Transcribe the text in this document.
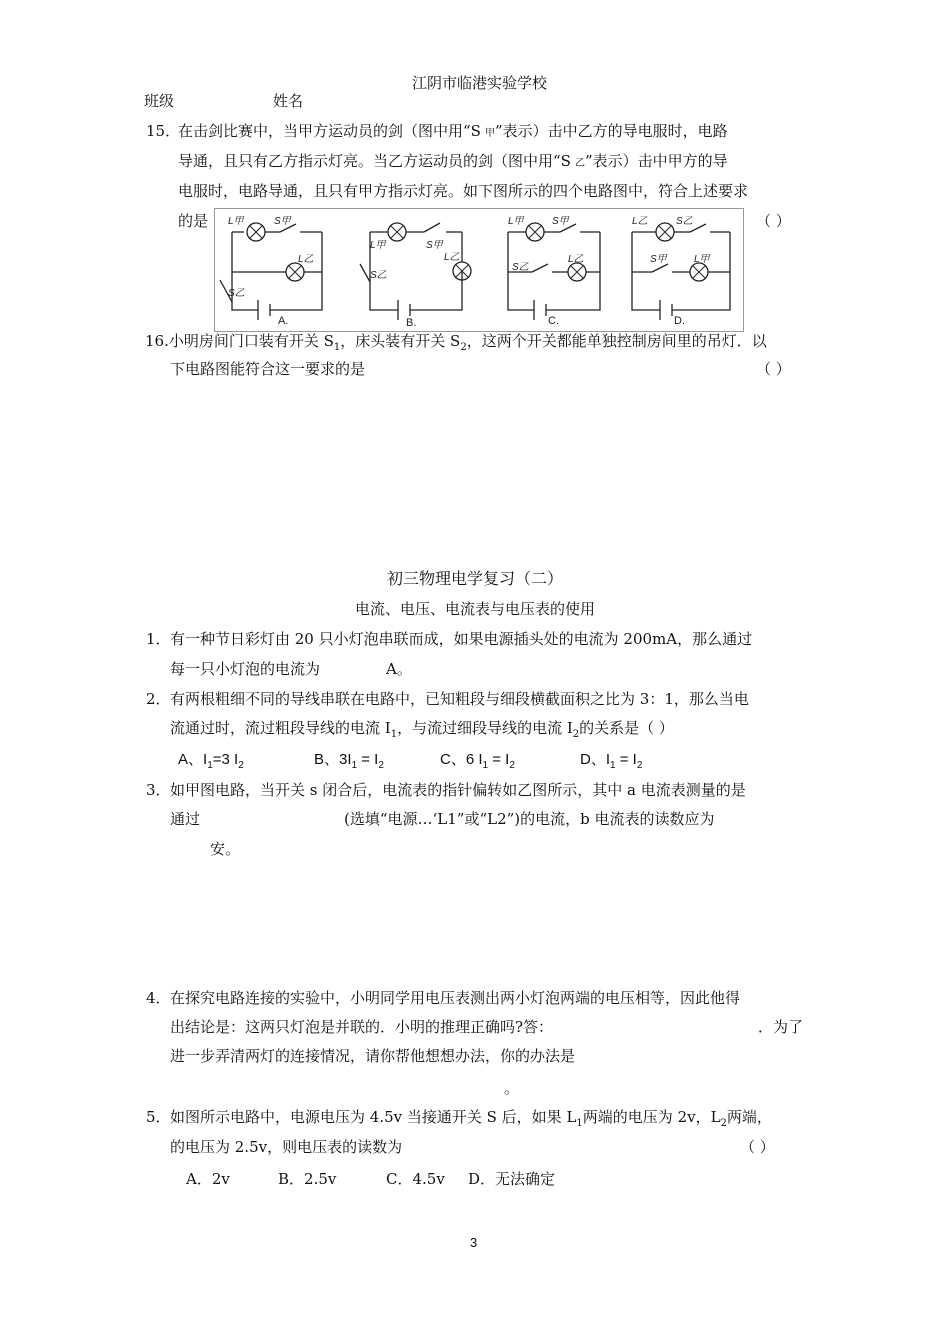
江阴市临港实验学校
班级	姓名
15．
在击剑比赛中，当甲方运动员的剑（图中用“S 甲”表示）击中乙方的导电服时，电路
导通，且只有乙方指示灯亮。当乙方运动员的剑（图中用“S 乙”表示）击中甲方的导
电服时，电路导通，且只有甲方指示灯亮。如下图所示的四个电路图中，符合上述要求
的是	（ ）
L甲	S甲
L乙
S乙
L甲	S甲
L乙
S乙
L甲	S甲
S乙
L乙
L乙	S乙
S甲	L甲
A.	B.	C.	D.
16.小明房间门口装有开关 $S_1$，床头装有开关 $S_2$，这两个开关都能单独控制房间里的吊灯．以
下电路图能符合这一要求的是	（ ）
初三物理电学复习（二）
电流、电压、电流表与电压表的使用
1． 有一种节日彩灯由 20 只小灯泡串联而成，如果电源插头处的电流为 200mA，那么通过
每一只小灯泡的电流为	A。
2． 有两根粗细不同的导线串联在电路中，已知粗段与细段横截面积之比为 3：1，那么当电
流通过时，流过粗段导线的电流 $I_1$，与流过细段导线的电流 $I_2$的关系是（ ）
A、$I_1=3$ $I_2$	B、$3I_1 = I_2$	C、6 $I_1 = I_2$	D、$I_1 = I_2$
3． 如甲图电路，当开关 s 闭合后，电流表的指针偏转如乙图所示，其中 a 电流表测量的是
通过	(选填“电源…‘L1”或“L2”)的电流，b 电流表的读数应为
安。
4． 在探究电路连接的实验中，小明同学用电压表测出两小灯泡两端的电压相等，因此他得
出结论是：这两只灯泡是并联的．小明的推理正确吗?答：	．为了
进一步弄清两灯的连接情况，请你帮他想想办法，你的办法是
。
5． 如图所示电路中，电源电压为 4.5v 当接通开关 S 后，如果 $L_1$两端的电压为 2v，$L_2$两端，
的电压为 2.5v，则电压表的读数为	（ ）
A．2v	B．2.5v	C．4.5v D．无法确定
3
